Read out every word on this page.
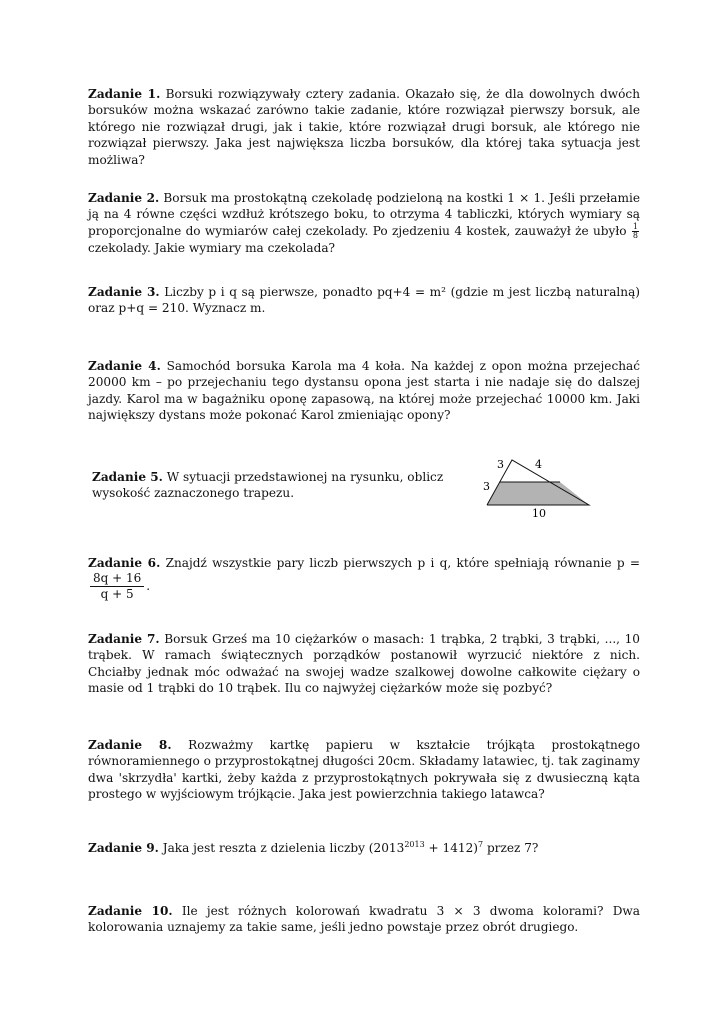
Zadanie 1. Borsuki rozwiązywały cztery zadania. Okazało się, że dla dowolnych dwóch borsuków można wskazać zarówno takie zadanie, które rozwiązał pierwszy borsuk, ale którego nie rozwiązał drugi, jak i takie, które rozwiązał drugi borsuk, ale którego nie rozwiązał pierwszy. Jaka jest największa liczba borsuków, dla której taka sytuacja jest możliwa?
Zadanie 2. Borsuk ma prostokątną czekoladę podzieloną na kostki 1 × 1. Jeśli przełamie ją na 4 równe części wzdłuż krótszego boku, to otrzyma 4 tabliczki, których wymiary są proporcjonalne do wymiarów całej czekolady. Po zjedzeniu 4 kostek, zauważył że ubyło $\frac{1}{8}$
czekolady. Jakie wymiary ma czekolada?
Zadanie 3. Liczby p i q są pierwsze, ponadto pq+4 = m² (gdzie m jest liczbą naturalną) oraz p+q = 210. Wyznacz m.
Zadanie 4. Samochód borsuka Karola ma 4 koła. Na każdej z opon można przejechać 20000 km – po przejechaniu tego dystansu opona jest starta i nie nadaje się do dalszej jazdy. Karol ma w bagażniku oponę zapasową, na której może przejechać 10000 km. Jaki największy dystans może pokonać Karol zmieniając opony?
Zadanie 5. W sytuacji przedstawionej na rysunku, oblicz wysokość zaznaczonego trapezu.
3	4
3
10
Zadanie 6. Znajdź wszystkie pary liczb pierwszych p i q, które spełniają równanie p =
$\frac{8q + 16}{q + 5}$ .
Zadanie 7. Borsuk Grześ ma 10 ciężarków o masach: 1 trąbka, 2 trąbki, 3 trąbki, ..., 10 trąbek. W ramach świątecznych porządków postanowił wyrzucić niektóre z nich. Chciałby jednak móc odważać na swojej wadze szalkowej dowolne całkowite ciężary o masie od 1 trąbki do 10 trąbek. Ilu co najwyżej ciężarków może się pozbyć?
Zadanie 8. Rozważmy kartkę papieru w kształcie trójkąta prostokątnego równoramiennego o przyprostokątnej długości 20cm. Składamy latawiec, tj. tak zaginamy dwa 'skrzydła' kartki, żeby każda z przyprostokątnych pokrywała się z dwusieczną kąta prostego w wyjściowym trójkącie. Jaka jest powierzchnia takiego latawca?
Zadanie 9. Jaka jest reszta z dzielenia liczby $(2013^{2013} + 1412)^7$ przez 7?
Zadanie 10. Ile jest różnych kolorowań kwadratu 3 × 3 dwoma kolorami? Dwa kolorowania uznajemy za takie same, jeśli jedno powstaje przez obrót drugiego.
